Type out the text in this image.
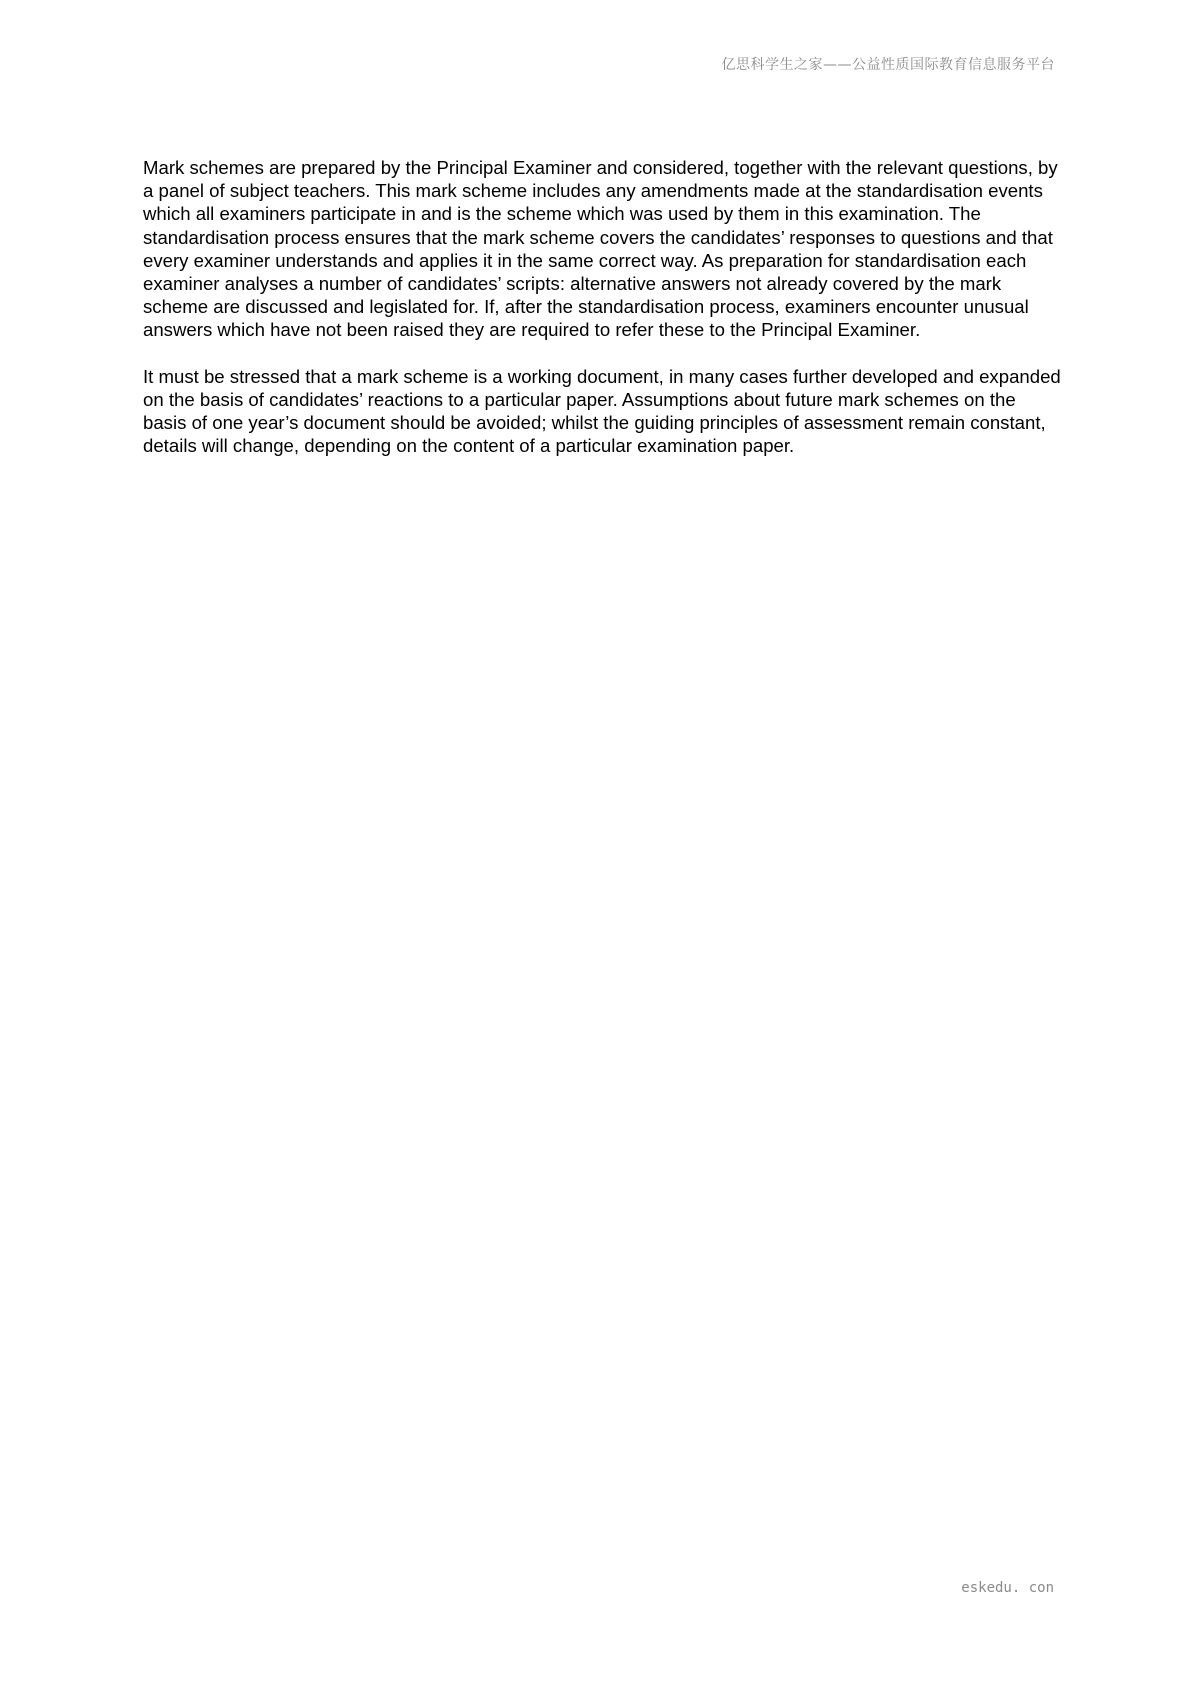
亿思科学生之家——公益性质国际教育信息服务平台

Mark schemes are prepared by the Principal Examiner and considered, together with the relevant questions, by a panel of subject teachers. This mark scheme includes any amendments made at the standardisation events which all examiners participate in and is the scheme which was used by them in this examination. The standardisation process ensures that the mark scheme covers the candidates’ responses to questions and that every examiner understands and applies it in the same correct way. As preparation for standardisation each examiner analyses a number of candidates’ scripts: alternative answers not already covered by the mark scheme are discussed and legislated for. If, after the standardisation process, examiners encounter unusual answers which have not been raised they are required to refer these to the Principal Examiner.

It must be stressed that a mark scheme is a working document, in many cases further developed and expanded on the basis of candidates’ reactions to a particular paper. Assumptions about future mark schemes on the basis of one year’s document should be avoided; whilst the guiding principles of assessment remain constant, details will change, depending on the content of a particular examination paper.

eskedu. con
